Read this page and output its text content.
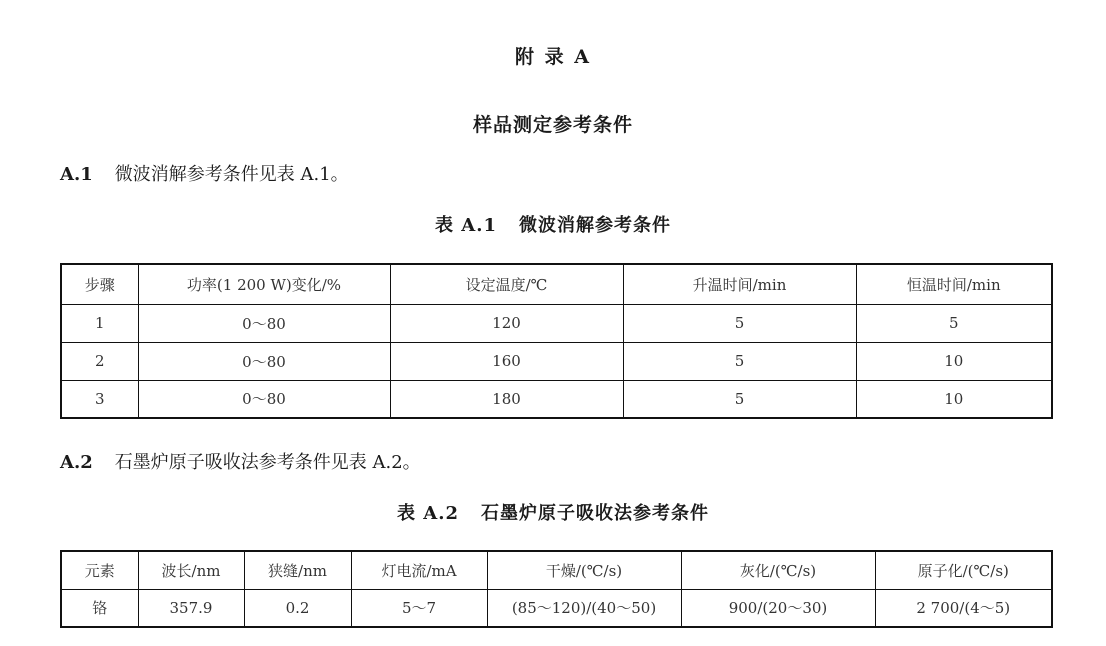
附 录 A
样品测定参考条件
A.1 微波消解参考条件见表 A.1。
表 A.1 微波消解参考条件
步骤	功率(1 200 W)变化/%	设定温度/℃	升温时间/min	恒温时间/min
1	0～80	120	5	5
2	0～80	160	5	10
3	0～80	180	5	10
A.2 石墨炉原子吸收法参考条件见表 A.2。
表 A.2 石墨炉原子吸收法参考条件
元素	波长/nm	狭缝/nm	灯电流/mA	干燥/(℃/s)	灰化/(℃/s)	原子化/(℃/s)
铬	357.9	0.2	5～7	(85～120)/(40～50)	900/(20～30)	2 700/(4～5)
